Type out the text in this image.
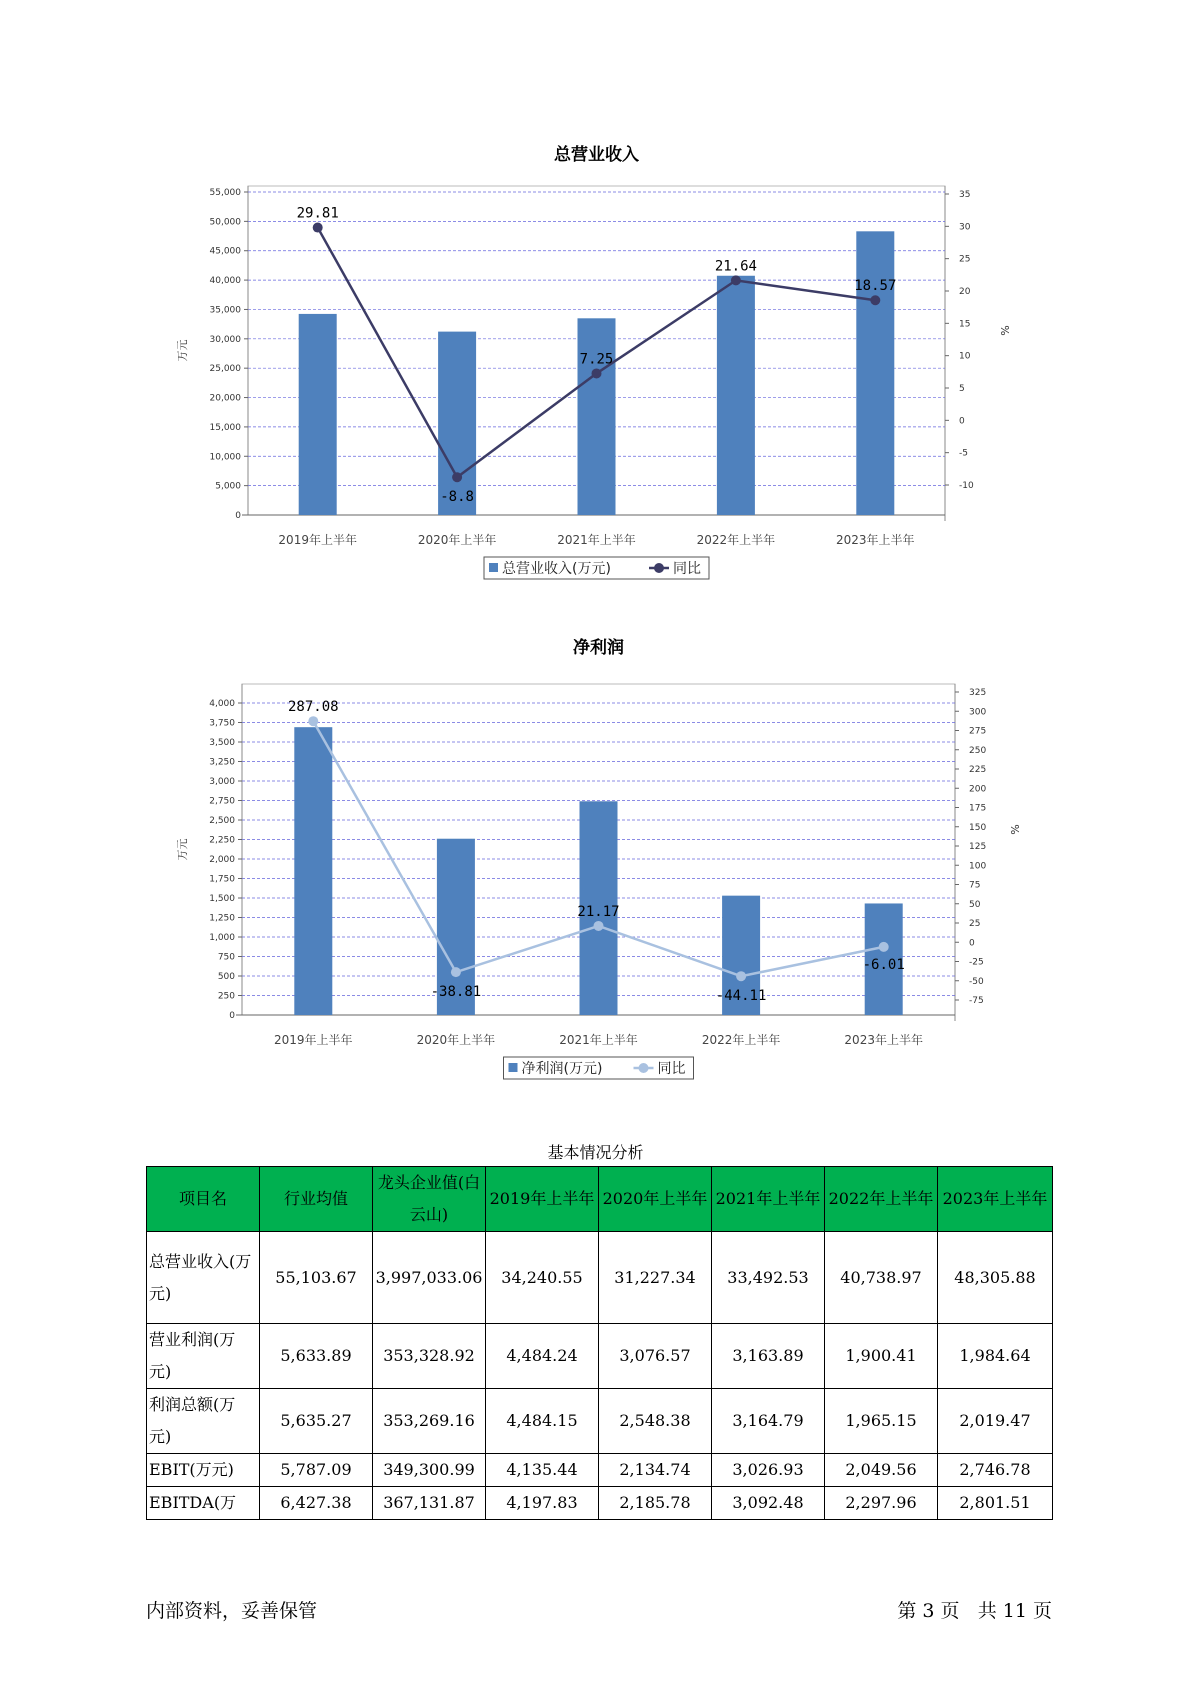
总营业收入
0
5,000
10,000
15,000
20,000
25,000
30,000
35,000
40,000
45,000
50,000
55,000
-10
-5
0
5
10
15
20
25
30
35
万元
%
2019年上半年	2020年上半年	2021年上半年	2022年上半年	2023年上半年
29.81
-8.8
7.25
21.64
18.57
总营业收入(万元)	同比
净利润
0
250
500
750
1,000
1,250
1,500
1,750
2,000
2,250
2,500
2,750
3,000
3,250
3,500
3,750
4,000
-75
-50
-25
0
25
50
75
100
125
150
175
200
225
250
275
300
325
万元
%
2019年上半年	2020年上半年	2021年上半年	2022年上半年	2023年上半年
287.08
-38.81
21.17
-44.11
-6.01
净利润(万元)	同比
基本情况分析
项目名	行业均值	龙头企业值(白云山)	2019年上半年	2020年上半年	2021年上半年	2022年上半年	2023年上半年
总营业收入(万元)	55,103.67	3,997,033.06	34,240.55	31,227.34	33,492.53	40,738.97	48,305.88
营业利润(万元)	5,633.89	353,328.92	4,484.24	3,076.57	3,163.89	1,900.41	1,984.64
利润总额(万元)	5,635.27	353,269.16	4,484.15	2,548.38	3,164.79	1,965.15	2,019.47
EBIT(万元)	5,787.09	349,300.99	4,135.44	2,134.74	3,026.93	2,049.56	2,746.78
EBITDA(万	6,427.38	367,131.87	4,197.83	2,185.78	3,092.48	2,297.96	2,801.51
内部资料，妥善保管	第 3 页 共 11 页
